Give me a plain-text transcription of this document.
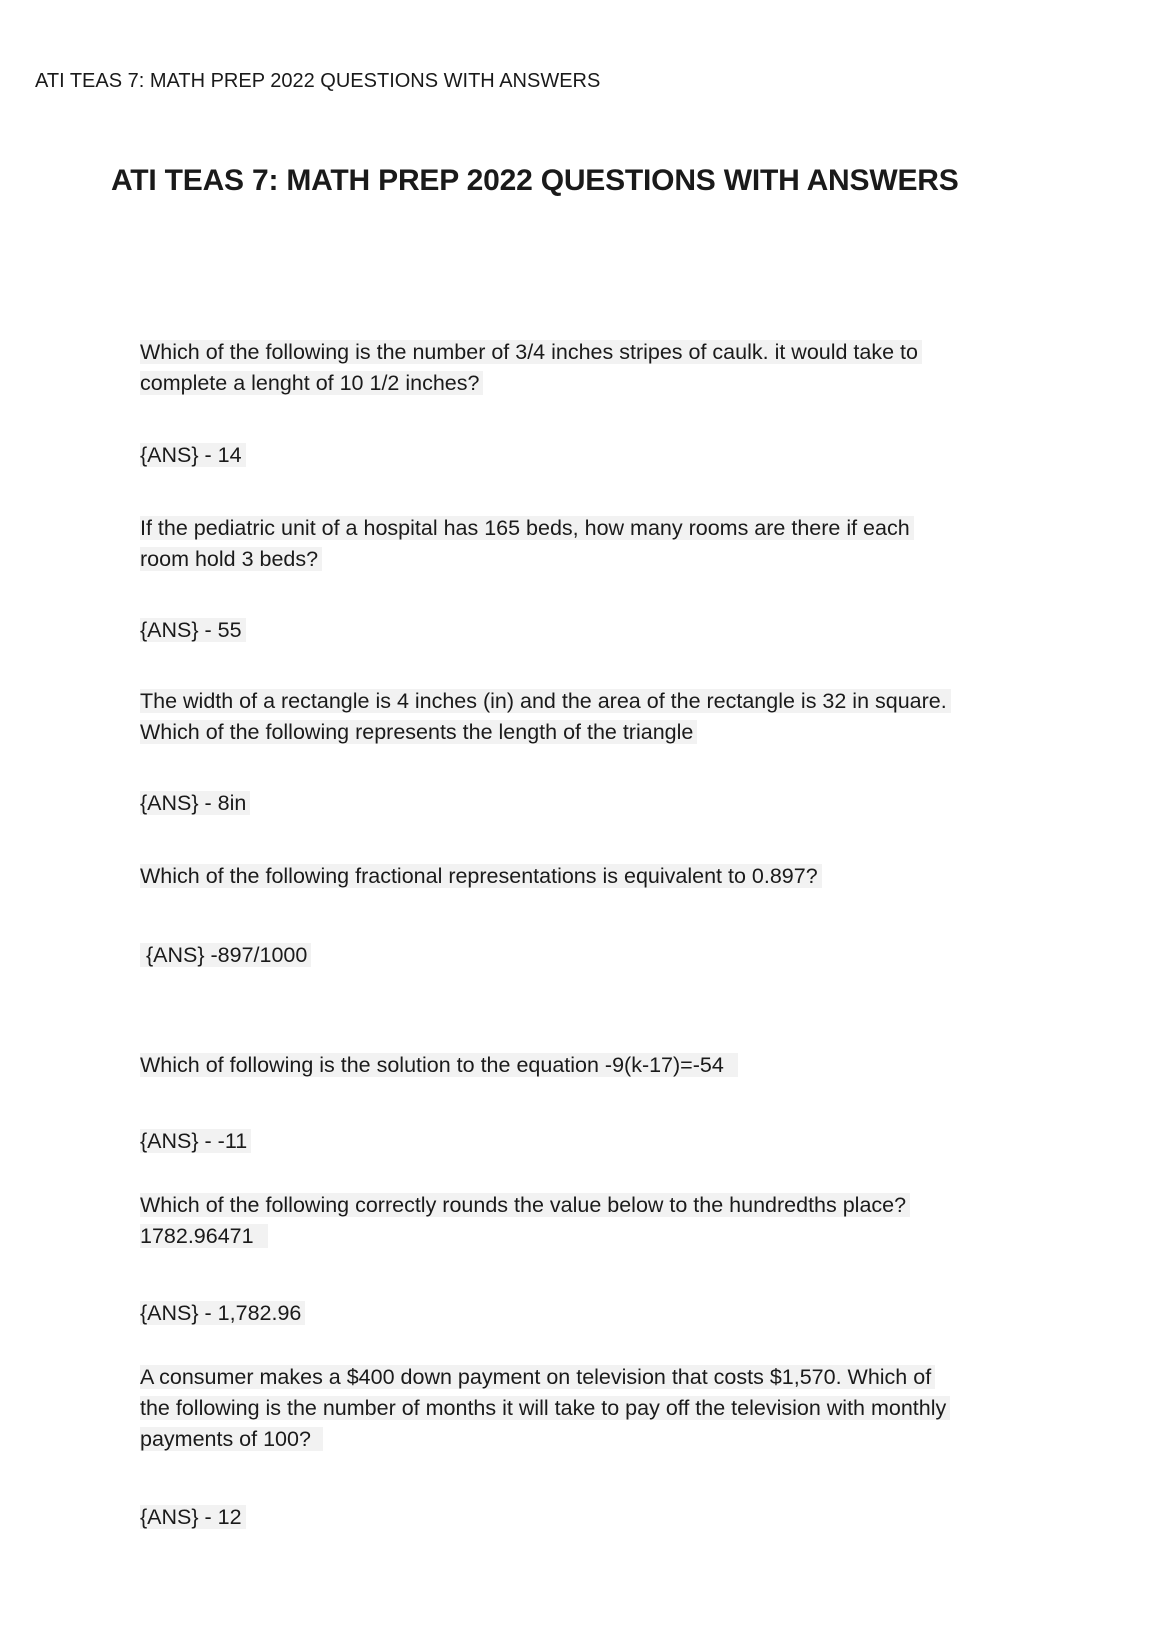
ATI TEAS 7: MATH PREP 2022 QUESTIONS WITH ANSWERS
ATI TEAS 7: MATH PREP 2022 QUESTIONS WITH ANSWERS
Which of the following is the number of 3/4 inches stripes of caulk. it would take to
complete a lenght of 10 1/2 inches?
{ANS} - 14
If the pediatric unit of a hospital has 165 beds, how many rooms are there if each
room hold 3 beds?
{ANS} - 55
The width of a rectangle is 4 inches (in) and the area of the rectangle is 32 in square.
Which of the following represents the length of the triangle
{ANS} - 8in
Which of the following fractional representations is equivalent to 0.897?
{ANS} -897/1000
Which of following is the solution to the equation -9(k-17)=-54
{ANS} - -11
Which of the following correctly rounds the value below to the hundredths place?
1782.96471
{ANS} - 1,782.96
A consumer makes a $400 down payment on television that costs $1,570. Which of
the following is the number of months it will take to pay off the television with monthly
payments of 100?
{ANS} - 12
